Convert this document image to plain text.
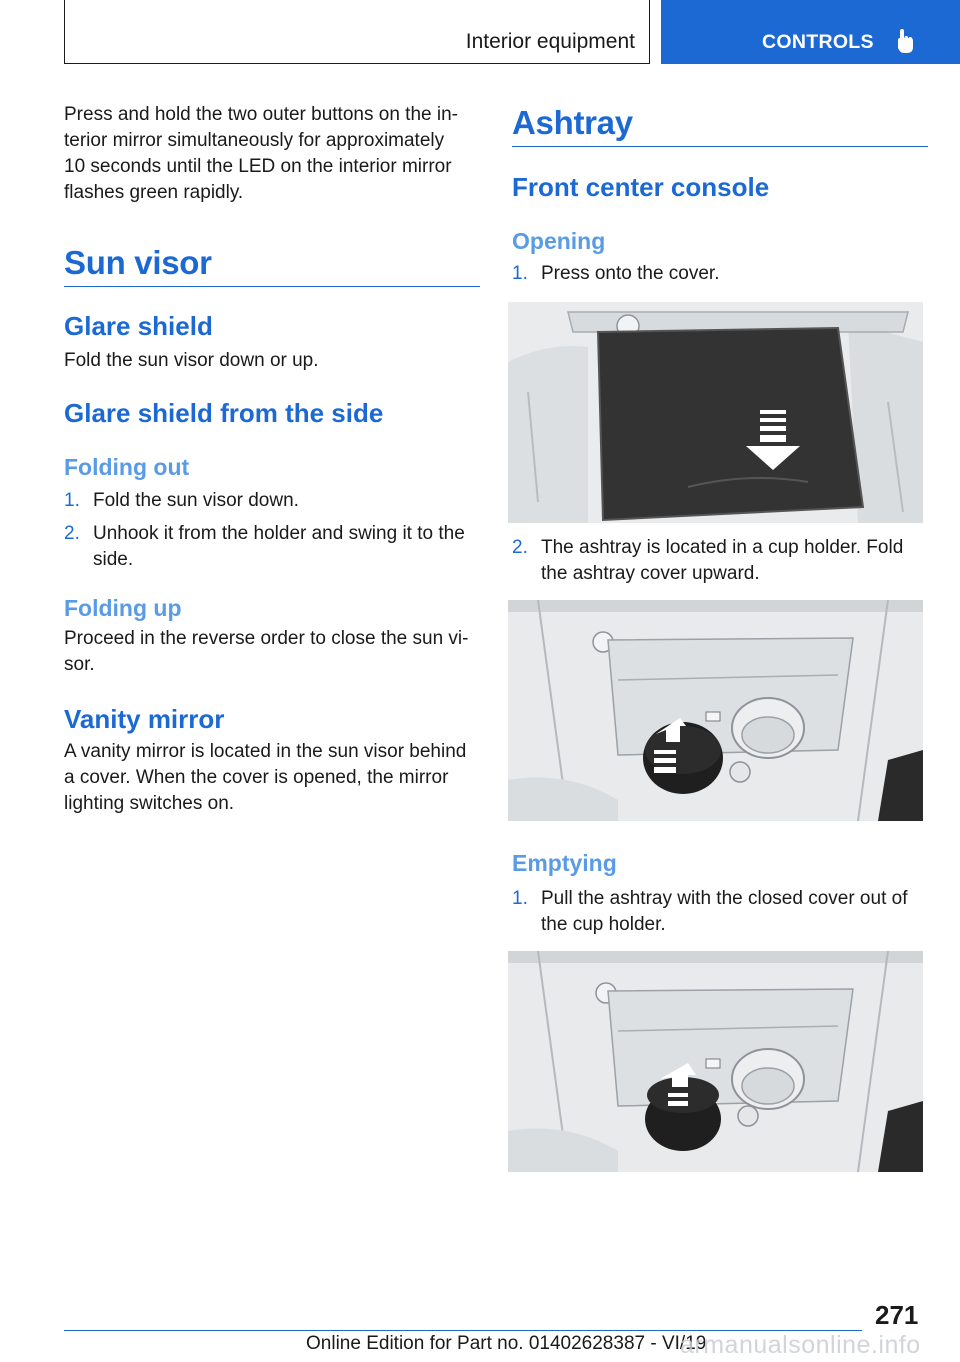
Interior equipment	CONTROLS

Press and hold the two outer buttons on the in-
terior mirror simultaneously for approximately
10 seconds until the LED on the interior mirror
flashes green rapidly.

Sun visor
Glare shield

Fold the sun visor down or up.

Glare shield from the side
Folding out
1. Fold the sun visor down.
2. Unhook it from the holder and swing it to the
side.
Folding up

Proceed in the reverse order to close the sun vi-
sor.

Vanity mirror

A vanity mirror is located in the sun visor behind
a cover. When the cover is opened, the mirror
lighting switches on.

Ashtray
Front center console
Opening
1. Press onto the cover.
2. The ashtray is located in a cup holder. Fold
the ashtray cover upward.
Emptying
1. Pull the ashtray with the closed cover out of
the cup holder.
271
Online Edition for Part no. 01402628387 - VI/19
armanualsonline.info
